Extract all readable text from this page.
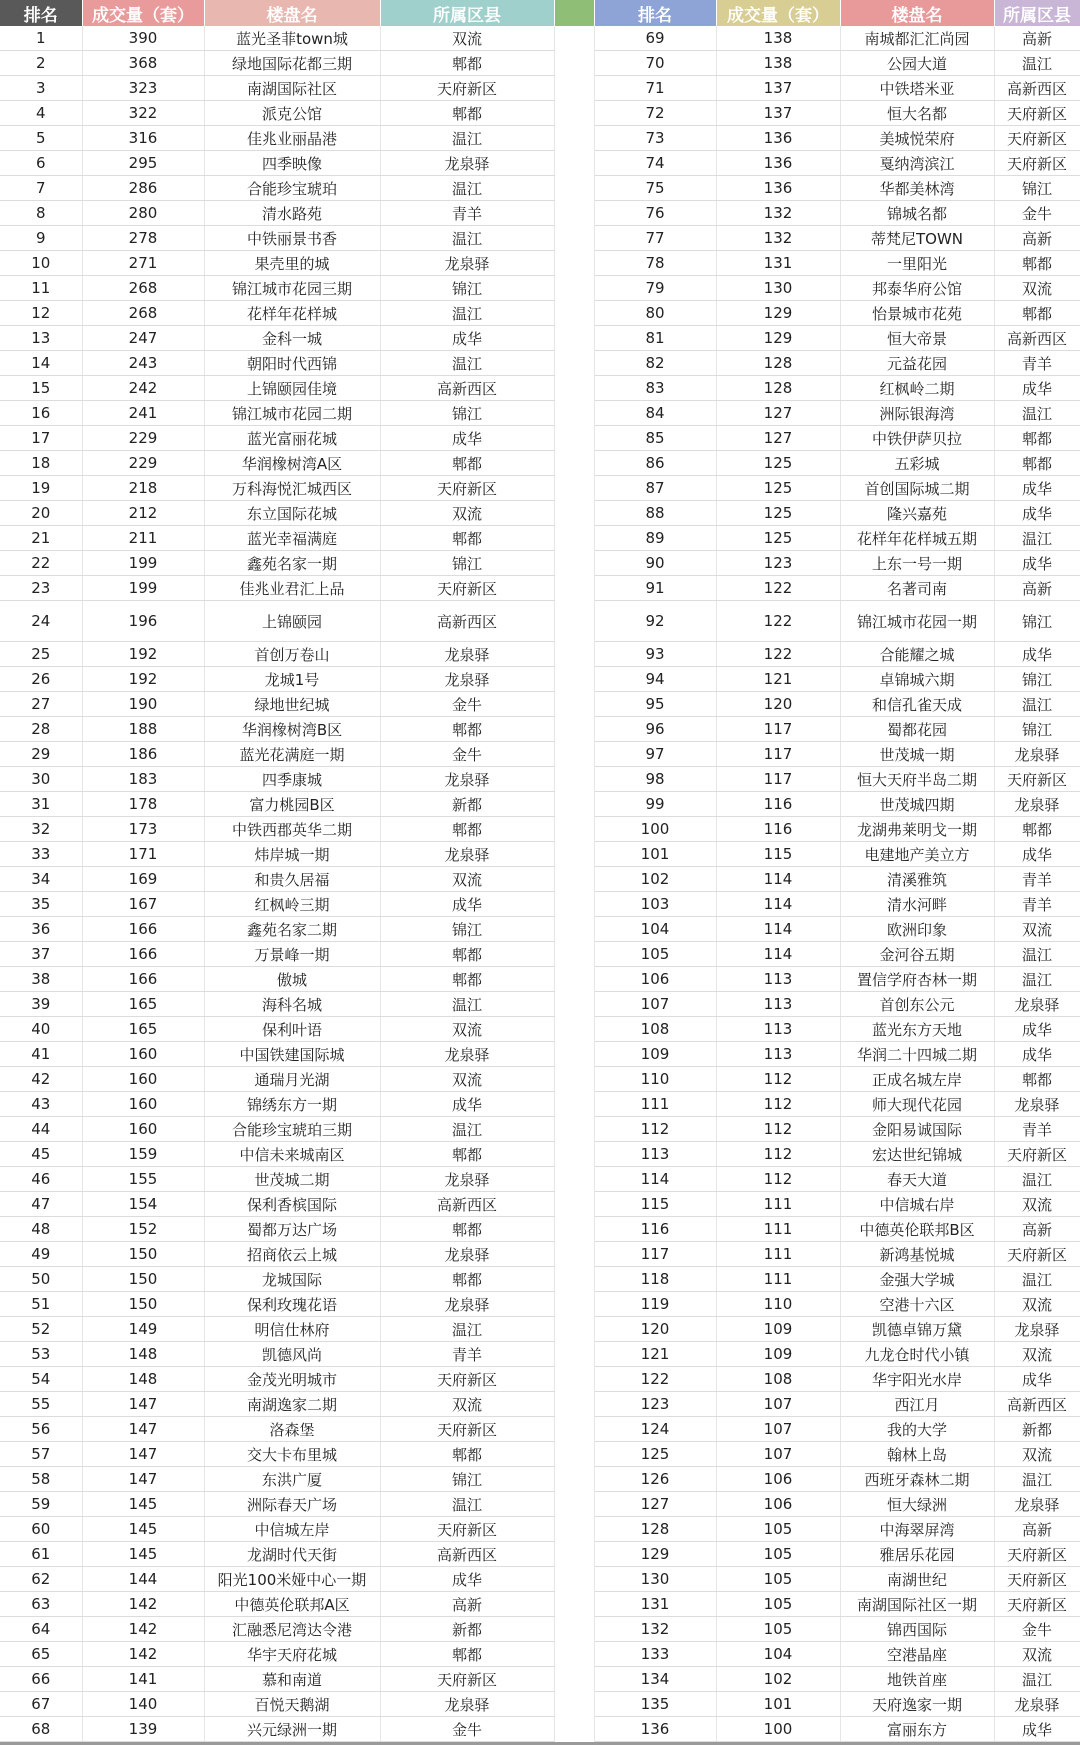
排名	成交量（套）	楼盘名	所属区县		排名	成交量（套）	楼盘名	所属区县
1	390	蓝光圣菲town城	双流		69	138	南城都汇汇尚园	高新
2	368	绿地国际花都三期	郫都		70	138	公园大道	温江
3	323	南湖国际社区	天府新区		71	137	中铁塔米亚	高新西区
4	322	派克公馆	郫都		72	137	恒大名都	天府新区
5	316	佳兆业丽晶港	温江		73	136	美城悦荣府	天府新区
6	295	四季映像	龙泉驿		74	136	戛纳湾滨江	天府新区
7	286	合能珍宝琥珀	温江		75	136	华都美林湾	锦江
8	280	清水路苑	青羊		76	132	锦城名都	金牛
9	278	中铁丽景书香	温江		77	132	蒂梵尼TOWN	高新
10	271	果壳里的城	龙泉驿		78	131	一里阳光	郫都
11	268	锦江城市花园三期	锦江		79	130	邦泰华府公馆	双流
12	268	花样年花样城	温江		80	129	怡景城市花苑	郫都
13	247	金科一城	成华		81	129	恒大帝景	高新西区
14	243	朝阳时代西锦	温江		82	128	元益花园	青羊
15	242	上锦颐园佳境	高新西区		83	128	红枫岭二期	成华
16	241	锦江城市花园二期	锦江		84	127	洲际银海湾	温江
17	229	蓝光富丽花城	成华		85	127	中铁伊萨贝拉	郫都
18	229	华润橡树湾A区	郫都		86	125	五彩城	郫都
19	218	万科海悦汇城西区	天府新区		87	125	首创国际城二期	成华
20	212	东立国际花城	双流		88	125	隆兴嘉苑	成华
21	211	蓝光幸福满庭	郫都		89	125	花样年花样城五期	温江
22	199	鑫苑名家一期	锦江		90	123	上东一号一期	成华
23	199	佳兆业君汇上品	天府新区		91	122	名著司南	高新
24	196	上锦颐园	高新西区		92	122	锦江城市花园一期	锦江
25	192	首创万卷山	龙泉驿		93	122	合能耀之城	成华
26	192	龙城1号	龙泉驿		94	121	卓锦城六期	锦江
27	190	绿地世纪城	金牛		95	120	和信孔雀天成	温江
28	188	华润橡树湾B区	郫都		96	117	蜀都花园	锦江
29	186	蓝光花满庭一期	金牛		97	117	世茂城一期	龙泉驿
30	183	四季康城	龙泉驿		98	117	恒大天府半岛二期	天府新区
31	178	富力桃园B区	新都		99	116	世茂城四期	龙泉驿
32	173	中铁西郡英华二期	郫都		100	116	龙湖弗莱明戈一期	郫都
33	171	炜岸城一期	龙泉驿		101	115	电建地产美立方	成华
34	169	和贵久居福	双流		102	114	清溪雅筑	青羊
35	167	红枫岭三期	成华		103	114	清水河畔	青羊
36	166	鑫苑名家二期	锦江		104	114	欧洲印象	双流
37	166	万景峰一期	郫都		105	114	金河谷五期	温江
38	166	傲城	郫都		106	113	置信学府杏林一期	温江
39	165	海科名城	温江		107	113	首创东公元	龙泉驿
40	165	保利叶语	双流		108	113	蓝光东方天地	成华
41	160	中国铁建国际城	龙泉驿		109	113	华润二十四城二期	成华
42	160	通瑞月光湖	双流		110	112	正成名城左岸	郫都
43	160	锦绣东方一期	成华		111	112	师大现代花园	龙泉驿
44	160	合能珍宝琥珀三期	温江		112	112	金阳易诚国际	青羊
45	159	中信未来城南区	郫都		113	112	宏达世纪锦城	天府新区
46	155	世茂城二期	龙泉驿		114	112	春天大道	温江
47	154	保利香槟国际	高新西区		115	111	中信城右岸	双流
48	152	蜀都万达广场	郫都		116	111	中德英伦联邦B区	高新
49	150	招商依云上城	龙泉驿		117	111	新鸿基悦城	天府新区
50	150	龙城国际	郫都		118	111	金强大学城	温江
51	150	保利玫瑰花语	龙泉驿		119	110	空港十六区	双流
52	149	明信仕林府	温江		120	109	凯德卓锦万黛	龙泉驿
53	148	凯德风尚	青羊		121	109	九龙仓时代小镇	双流
54	148	金茂光明城市	天府新区		122	108	华宇阳光水岸	成华
55	147	南湖逸家二期	双流		123	107	西江月	高新西区
56	147	洛森堡	天府新区		124	107	我的大学	新都
57	147	交大卡布里城	郫都		125	107	翰林上岛	双流
58	147	东洪广厦	锦江		126	106	西班牙森林二期	温江
59	145	洲际春天广场	温江		127	106	恒大绿洲	龙泉驿
60	145	中信城左岸	天府新区		128	105	中海翠屏湾	高新
61	145	龙湖时代天街	高新西区		129	105	雅居乐花园	天府新区
62	144	阳光100米娅中心一期	成华		130	105	南湖世纪	天府新区
63	142	中德英伦联邦A区	高新		131	105	南湖国际社区一期	天府新区
64	142	汇融悉尼湾达令港	新都		132	105	锦西国际	金牛
65	142	华宇天府花城	郫都		133	104	空港晶座	双流
66	141	慕和南道	天府新区		134	102	地铁首座	温江
67	140	百悦天鹅湖	龙泉驿		135	101	天府逸家一期	龙泉驿
68	139	兴元绿洲一期	金牛		136	100	富丽东方	成华
